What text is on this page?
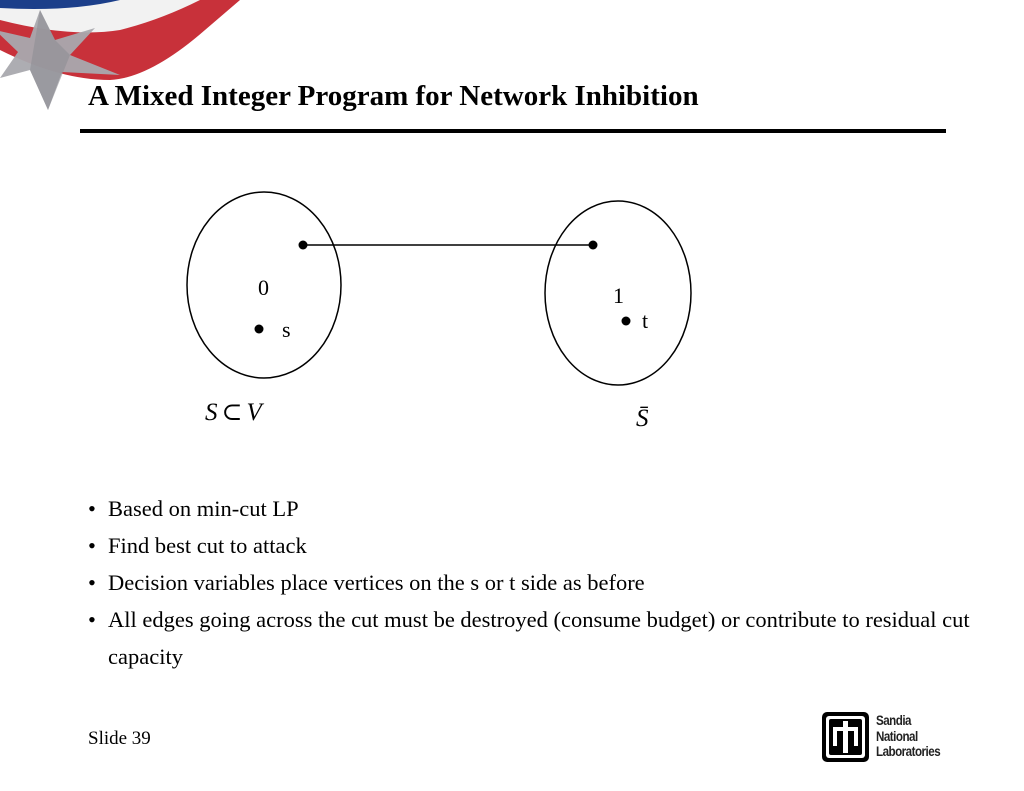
A Mixed Integer Program for Network Inhibition
0
s
1
t
S ⊂ V	S̄
• Based on min-cut LP
• Find best cut to attack
• Decision variables place vertices on the s or t side as before
• All edges going across the cut must be destroyed (consume budget) or contribute to residual cut capacity
Slide 39
Sandia
National
Laboratories
